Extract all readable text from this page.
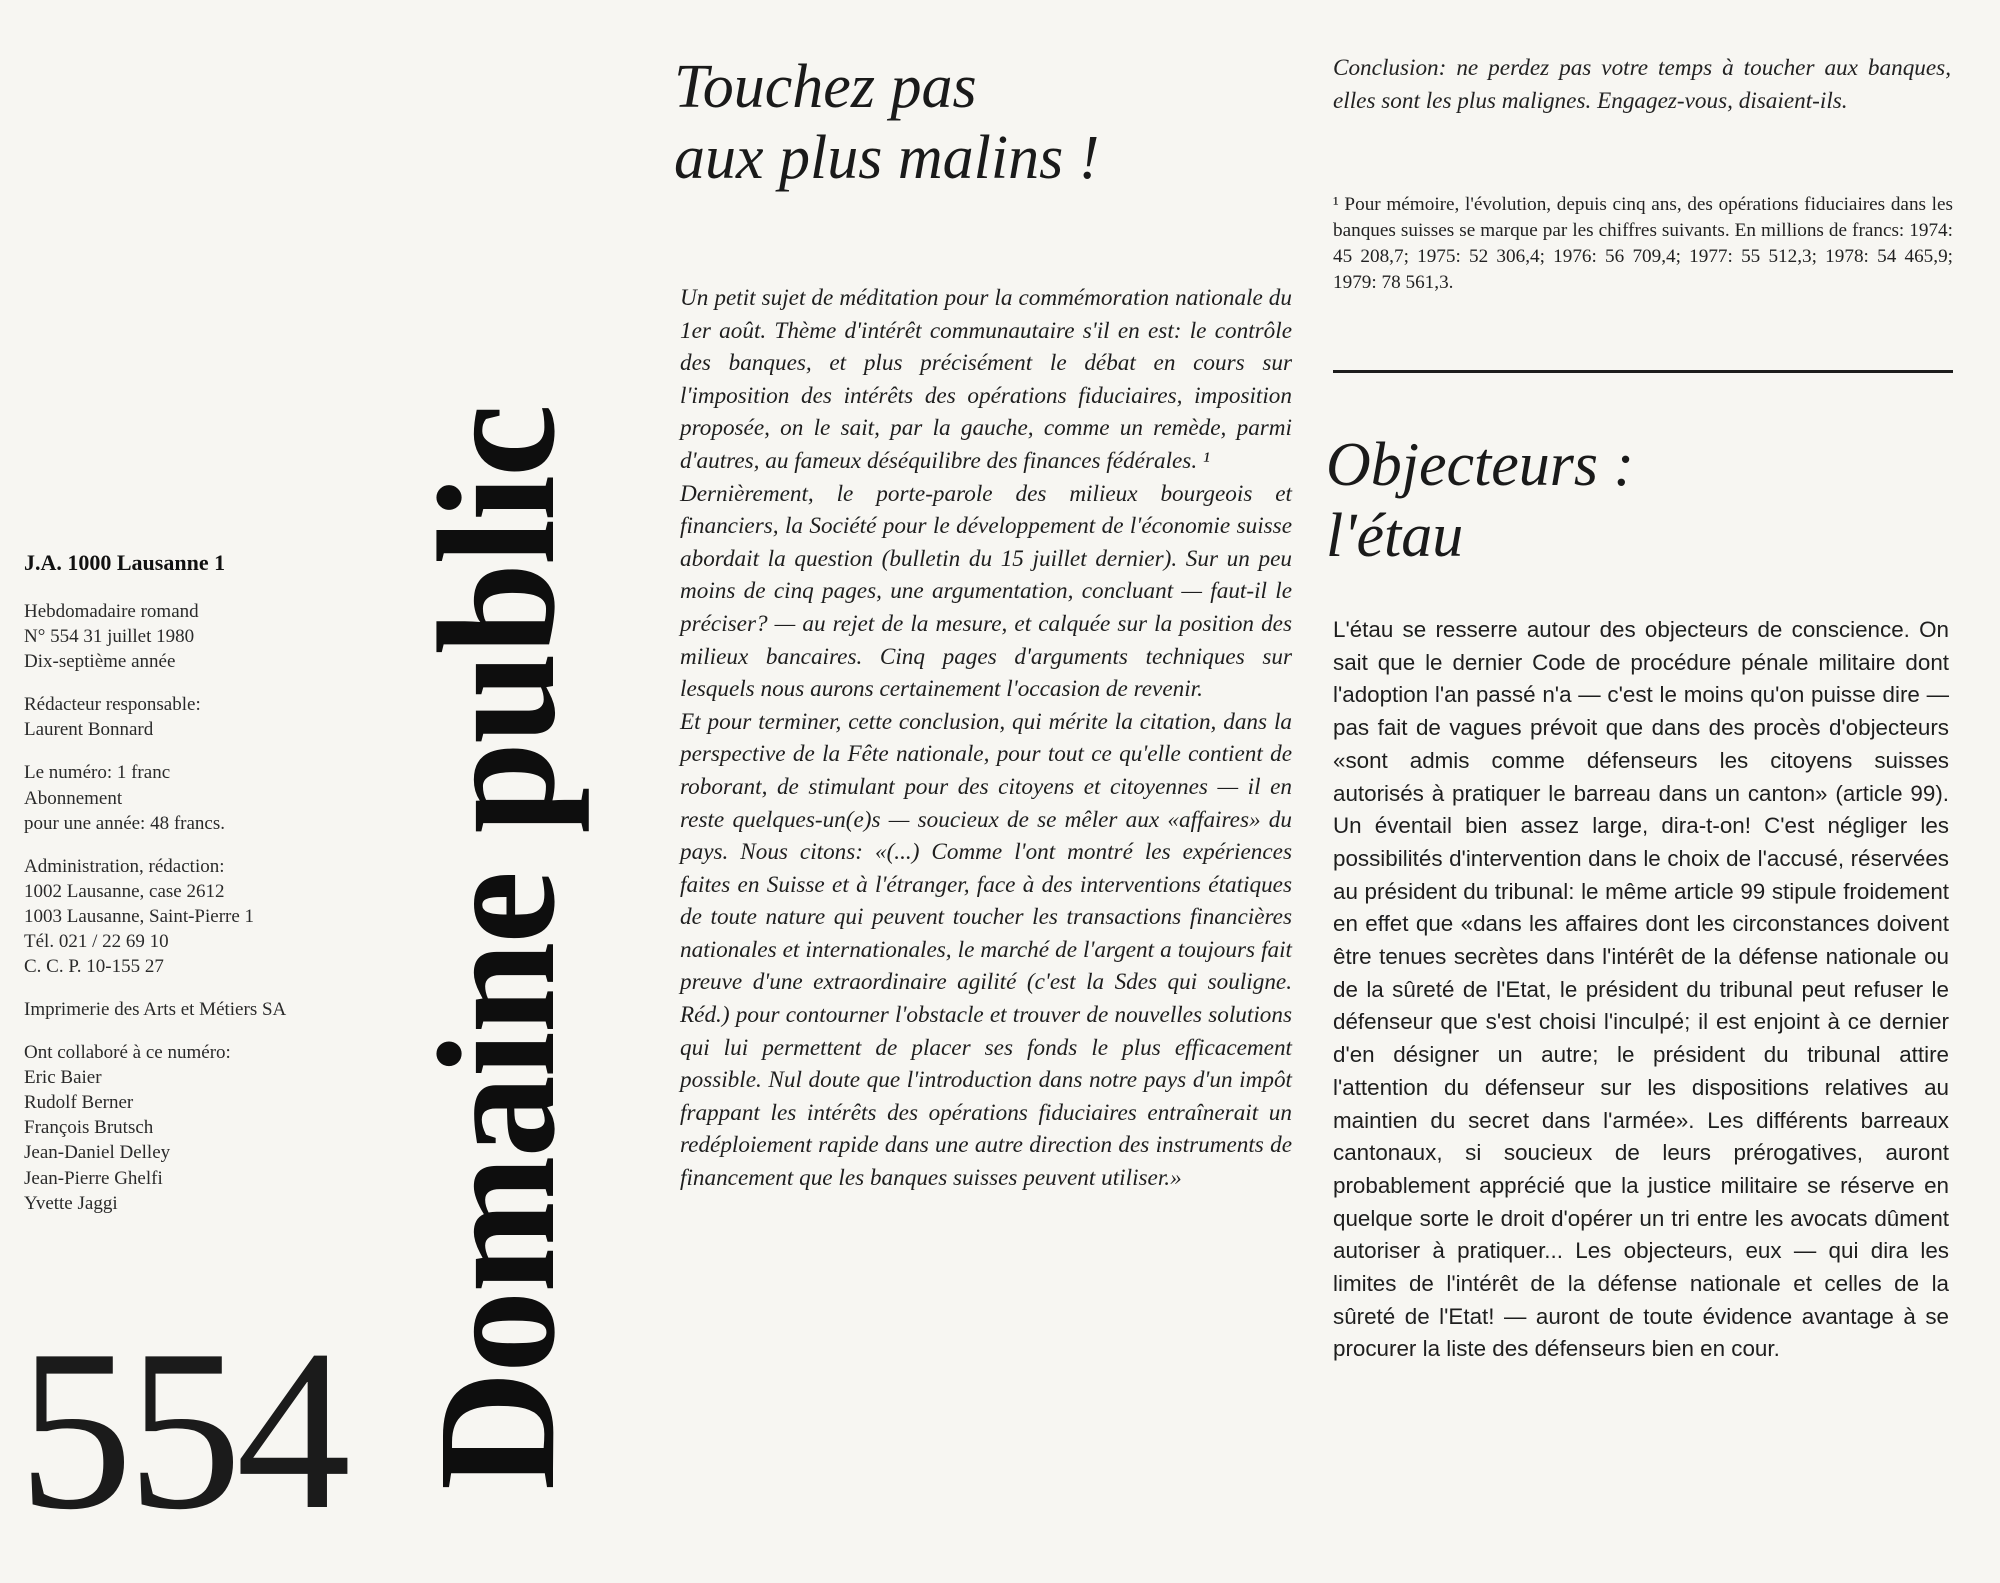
J.A. 1000 Lausanne 1
Hebdomadaire romand
N° 554 31 juillet 1980
Dix-septième année
Rédacteur responsable:
Laurent Bonnard
Le numéro: 1 franc
Abonnement
pour une année: 48 francs.
Administration, rédaction:
1002 Lausanne, case 2612
1003 Lausanne, Saint-Pierre 1
Tél. 021 / 22 69 10
C. C. P. 10-155 27
Imprimerie des Arts et Métiers SA
Ont collaboré à ce numéro:
Eric Baier
Rudolf Berner
François Brutsch
Jean-Daniel Delley
Jean-Pierre Ghelfi
Yvette Jaggi
554 Domaine public
Touchez pas
aux plus malins !

Un petit sujet de méditation pour la commémoration nationale du 1er août. Thème d'intérêt communautaire s'il en est: le contrôle des banques, et plus précisément le débat en cours sur l'imposition des intérêts des opérations fiduciaires, imposition proposée, on le sait, par la gauche, comme un remède, parmi d'autres, au fameux déséquilibre des finances fédérales. ¹

Dernièrement, le porte-parole des milieux bourgeois et financiers, la Société pour le développement de l'économie suisse abordait la question (bulletin du 15 juillet dernier). Sur un peu moins de cinq pages, une argumentation, concluant — faut-il le préciser? — au rejet de la mesure, et calquée sur la position des milieux bancaires. Cinq pages d'arguments techniques sur lesquels nous aurons certainement l'occasion de revenir.

Et pour terminer, cette conclusion, qui mérite la citation, dans la perspective de la Fête nationale, pour tout ce qu'elle contient de roborant, de stimulant pour des citoyens et citoyennes — il en reste quelques-un(e)s — soucieux de se mêler aux «affaires» du pays. Nous citons: «(...) Comme l'ont montré les expériences faites en Suisse et à l'étranger, face à des interventions étatiques de toute nature qui peuvent toucher les transactions financières nationales et internationales, le marché de l'argent a toujours fait preuve d'une extraordinaire agilité (c'est la Sdes qui souligne. Réd.) pour contourner l'obstacle et trouver de nouvelles solutions qui lui permettent de placer ses fonds le plus efficacement possible. Nul doute que l'introduction dans notre pays d'un impôt frappant les intérêts des opérations fiduciaires entraînerait un redéploiement rapide dans une autre direction des instruments de financement que les banques suisses peuvent utiliser.»

Conclusion: ne perdez pas votre temps à toucher aux banques, elles sont les plus malignes. Engagez-vous, disaient-ils.
¹ Pour mémoire, l'évolution, depuis cinq ans, des opérations fiduciaires dans les banques suisses se marque par les chiffres suivants. En millions de francs: 1974: 45 208,7; 1975: 52 306,4; 1976: 56 709,4; 1977: 55 512,3; 1978: 54 465,9; 1979: 78 561,3.
Objecteurs :
l'étau

L'étau se resserre autour des objecteurs de conscience. On sait que le dernier Code de procédure pénale militaire dont l'adoption l'an passé n'a — c'est le moins qu'on puisse dire — pas fait de vagues prévoit que dans des procès d'objecteurs «sont admis comme défenseurs les citoyens suisses autorisés à pratiquer le barreau dans un canton» (article 99). Un éventail bien assez large, dira-t-on! C'est négliger les possibilités d'intervention dans le choix de l'accusé, réservées au président du tribunal: le même article 99 stipule froidement en effet que «dans les affaires dont les circonstances doivent être tenues secrètes dans l'intérêt de la défense nationale ou de la sûreté de l'Etat, le président du tribunal peut refuser le défenseur que s'est choisi l'inculpé; il est enjoint à ce dernier d'en désigner un autre; le président du tribunal attire l'attention du défenseur sur les dispositions relatives au maintien du secret dans l'armée». Les différents barreaux cantonaux, si soucieux de leurs prérogatives, auront probablement apprécié que la justice militaire se réserve en quelque sorte le droit d'opérer un tri entre les avocats dûment autoriser à pratiquer... Les objecteurs, eux — qui dira les limites de l'intérêt de la défense nationale et celles de la sûreté de l'Etat! — auront de toute évidence avantage à se procurer la liste des défenseurs bien en cour.
